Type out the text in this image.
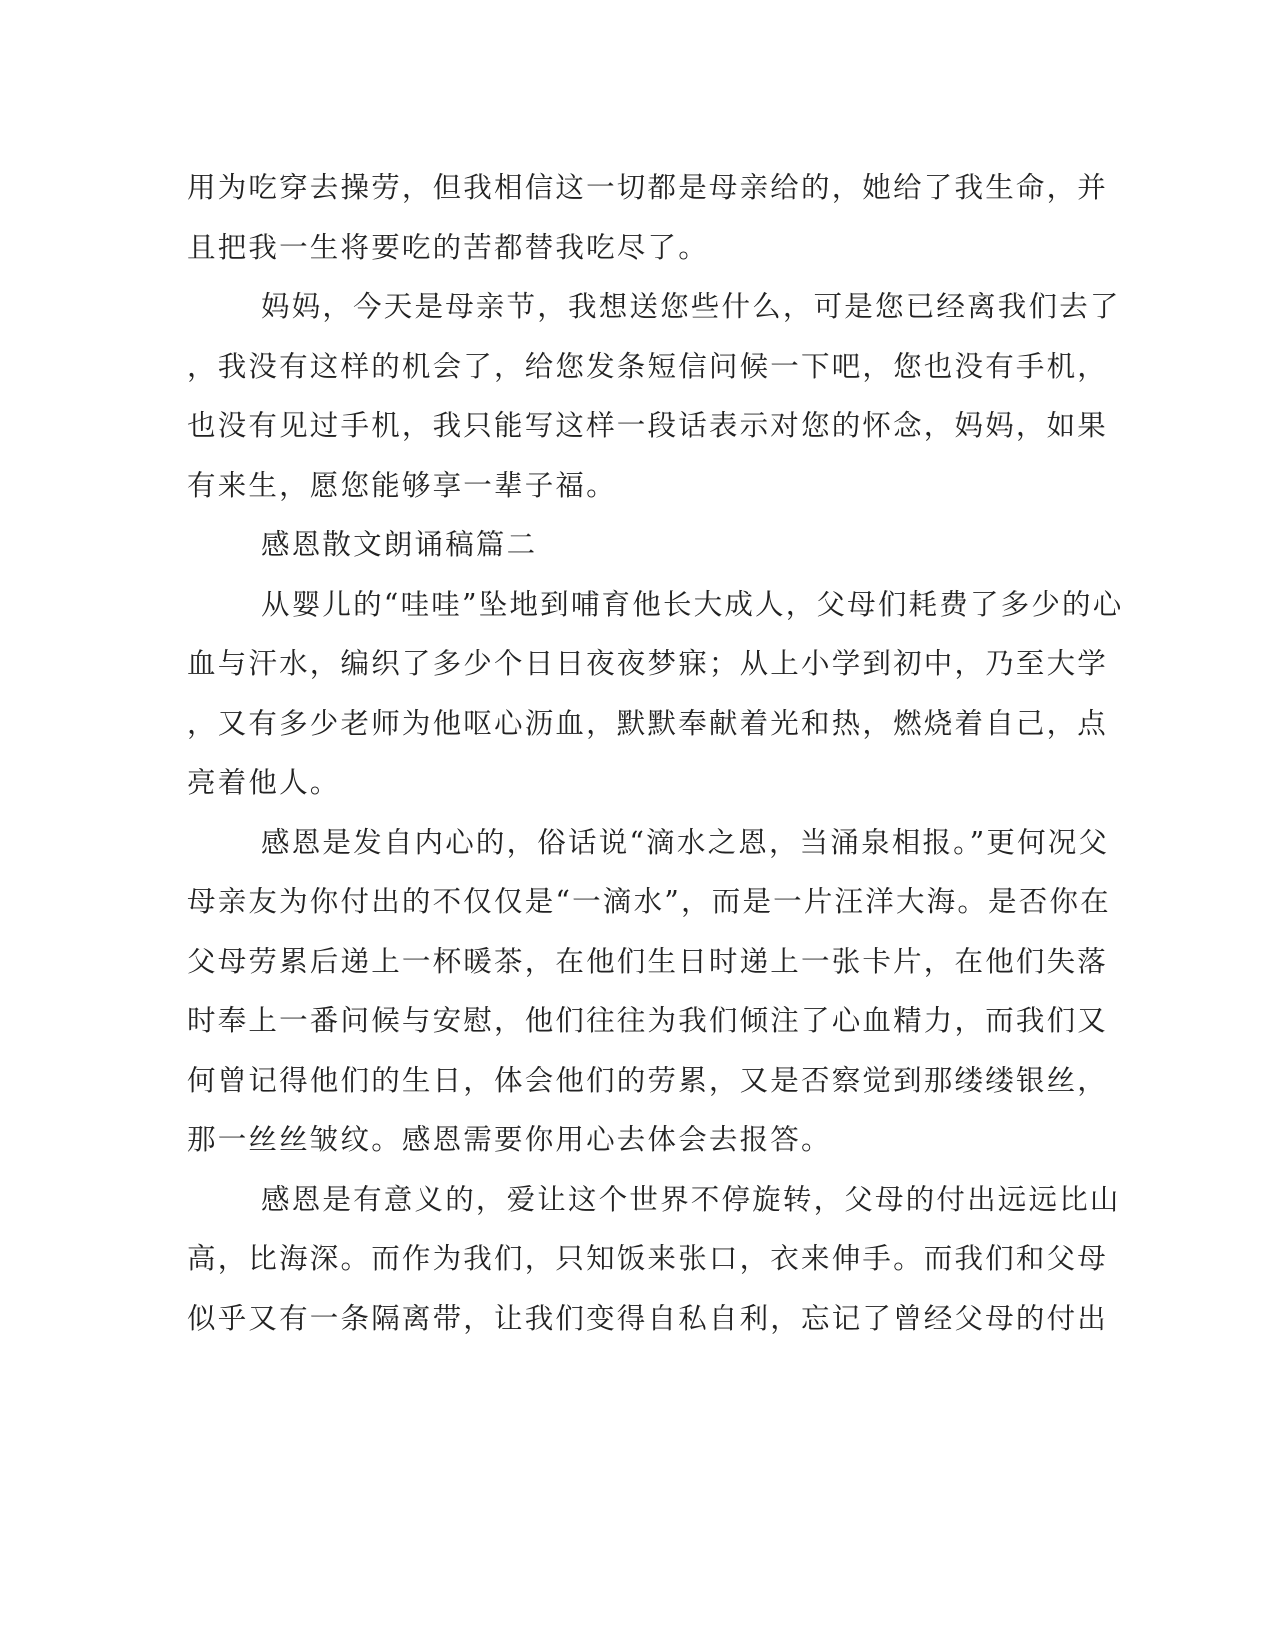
用为吃穿去操劳，但我相信这一切都是母亲给的，她给了我生命，并
且把我一生将要吃的苦都替我吃尽了。
妈妈，今天是母亲节，我想送您些什么，可是您已经离我们去了
，我没有这样的机会了，给您发条短信问候一下吧，您也没有手机，
也没有见过手机，我只能写这样一段话表示对您的怀念，妈妈，如果
有来生，愿您能够享一辈子福。
感恩散文朗诵稿篇二
从婴儿的“哇哇”坠地到哺育他长大成人，父母们耗费了多少的心
血与汗水，编织了多少个日日夜夜梦寐；从上小学到初中，乃至大学
，又有多少老师为他呕心沥血，默默奉献着光和热，燃烧着自己，点
亮着他人。
感恩是发自内心的，俗话说“滴水之恩，当涌泉相报。”更何况父
母亲友为你付出的不仅仅是“一滴水”，而是一片汪洋大海。是否你在
父母劳累后递上一杯暖茶，在他们生日时递上一张卡片，在他们失落
时奉上一番问候与安慰，他们往往为我们倾注了心血精力，而我们又
何曾记得他们的生日，体会他们的劳累，又是否察觉到那缕缕银丝，
那一丝丝皱纹。感恩需要你用心去体会去报答。
感恩是有意义的，爱让这个世界不停旋转，父母的付出远远比山
高，比海深。而作为我们，只知饭来张口，衣来伸手。而我们和父母
似乎又有一条隔离带，让我们变得自私自利，忘记了曾经父母的付出
